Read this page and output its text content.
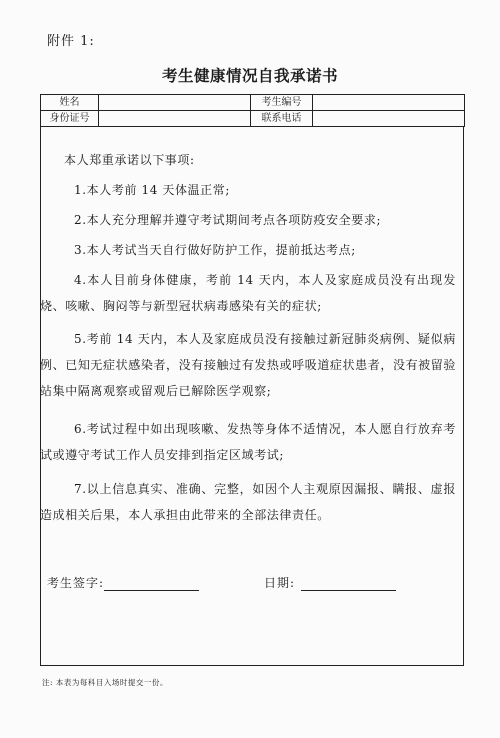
附件 1:
考生健康情况自我承诺书
姓名		考生编号	
身份证号		联系电话	

本人郑重承诺以下事项:

1.本人考前 14 天体温正常;

2.本人充分理解并遵守考试期间考点各项防疫安全要求;

3.本人考试当天自行做好防护工作，提前抵达考点;

4.本人目前身体健康，考前 14 天内，本人及家庭成员没有出现发烧、咳嗽、胸闷等与新型冠状病毒感染有关的症状;

5.考前 14 天内，本人及家庭成员没有接触过新冠肺炎病例、疑似病例、已知无症状感染者，没有接触过有发热或呼吸道症状患者，没有被留验站集中隔离观察或留观后已解除医学观察;

6.考试过程中如出现咳嗽、发热等身体不适情况，本人愿自行放弃考试或遵守考试工作人员安排到指定区域考试;

7.以上信息真实、准确、完整，如因个人主观原因漏报、瞒报、虚报造成相关后果，本人承担由此带来的全部法律责任。

考生签字:	日期:
注: 本表为每科目入场时提交一份。
